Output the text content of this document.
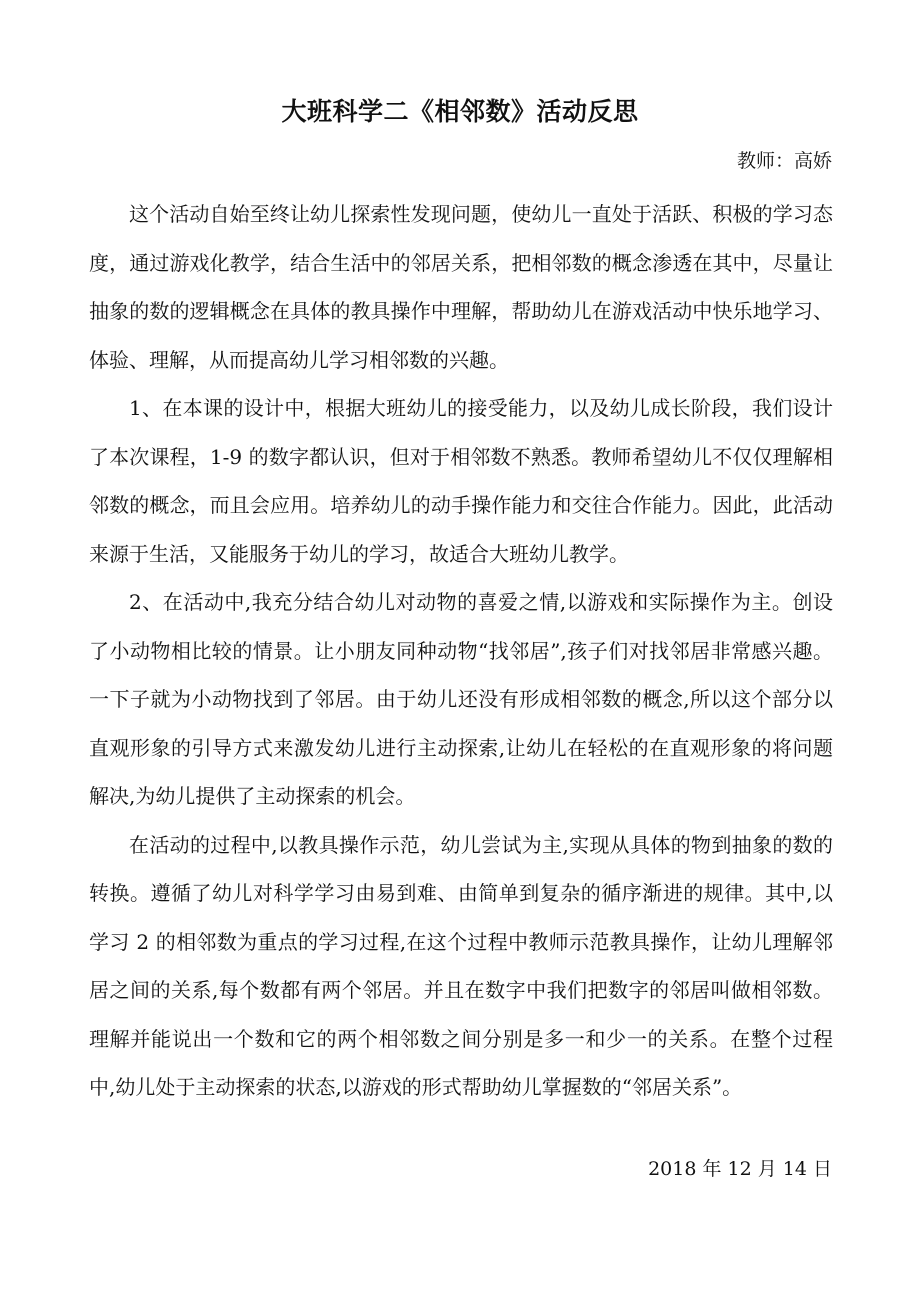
大班科学二《相邻数》活动反思

教师：高娇

这个活动自始至终让幼儿探索性发现问题，使幼儿一直处于活跃、积极的学习态度，通过游戏化教学，结合生活中的邻居关系，把相邻数的概念渗透在其中，尽量让抽象的数的逻辑概念在具体的教具操作中理解，帮助幼儿在游戏活动中快乐地学习、体验、理解，从而提高幼儿学习相邻数的兴趣。

1、在本课的设计中，根据大班幼儿的接受能力，以及幼儿成长阶段，我们设计了本次课程，1-9 的数字都认识，但对于相邻数不熟悉。教师希望幼儿不仅仅理解相邻数的概念，而且会应用。培养幼儿的动手操作能力和交往合作能力。因此，此活动来源于生活，又能服务于幼儿的学习，故适合大班幼儿教学。

2、在活动中,我充分结合幼儿对动物的喜爱之情,以游戏和实际操作为主。创设了小动物相比较的情景。让小朋友同种动物“找邻居”,孩子们对找邻居非常感兴趣。一下子就为小动物找到了邻居。由于幼儿还没有形成相邻数的概念,所以这个部分以直观形象的引导方式来激发幼儿进行主动探索,让幼儿在轻松的在直观形象的将问题解决,为幼儿提供了主动探索的机会。

在活动的过程中,以教具操作示范，幼儿尝试为主,实现从具体的物到抽象的数的转换。遵循了幼儿对科学学习由易到难、由简单到复杂的循序渐进的规律。其中,以学习 2 的相邻数为重点的学习过程,在这个过程中教师示范教具操作，让幼儿理解邻居之间的关系,每个数都有两个邻居。并且在数字中我们把数字的邻居叫做相邻数。理解并能说出一个数和它的两个相邻数之间分别是多一和少一的关系。在整个过程中,幼儿处于主动探索的状态,以游戏的形式帮助幼儿掌握数的“邻居关系”。

2018 年 12 月 14 日
